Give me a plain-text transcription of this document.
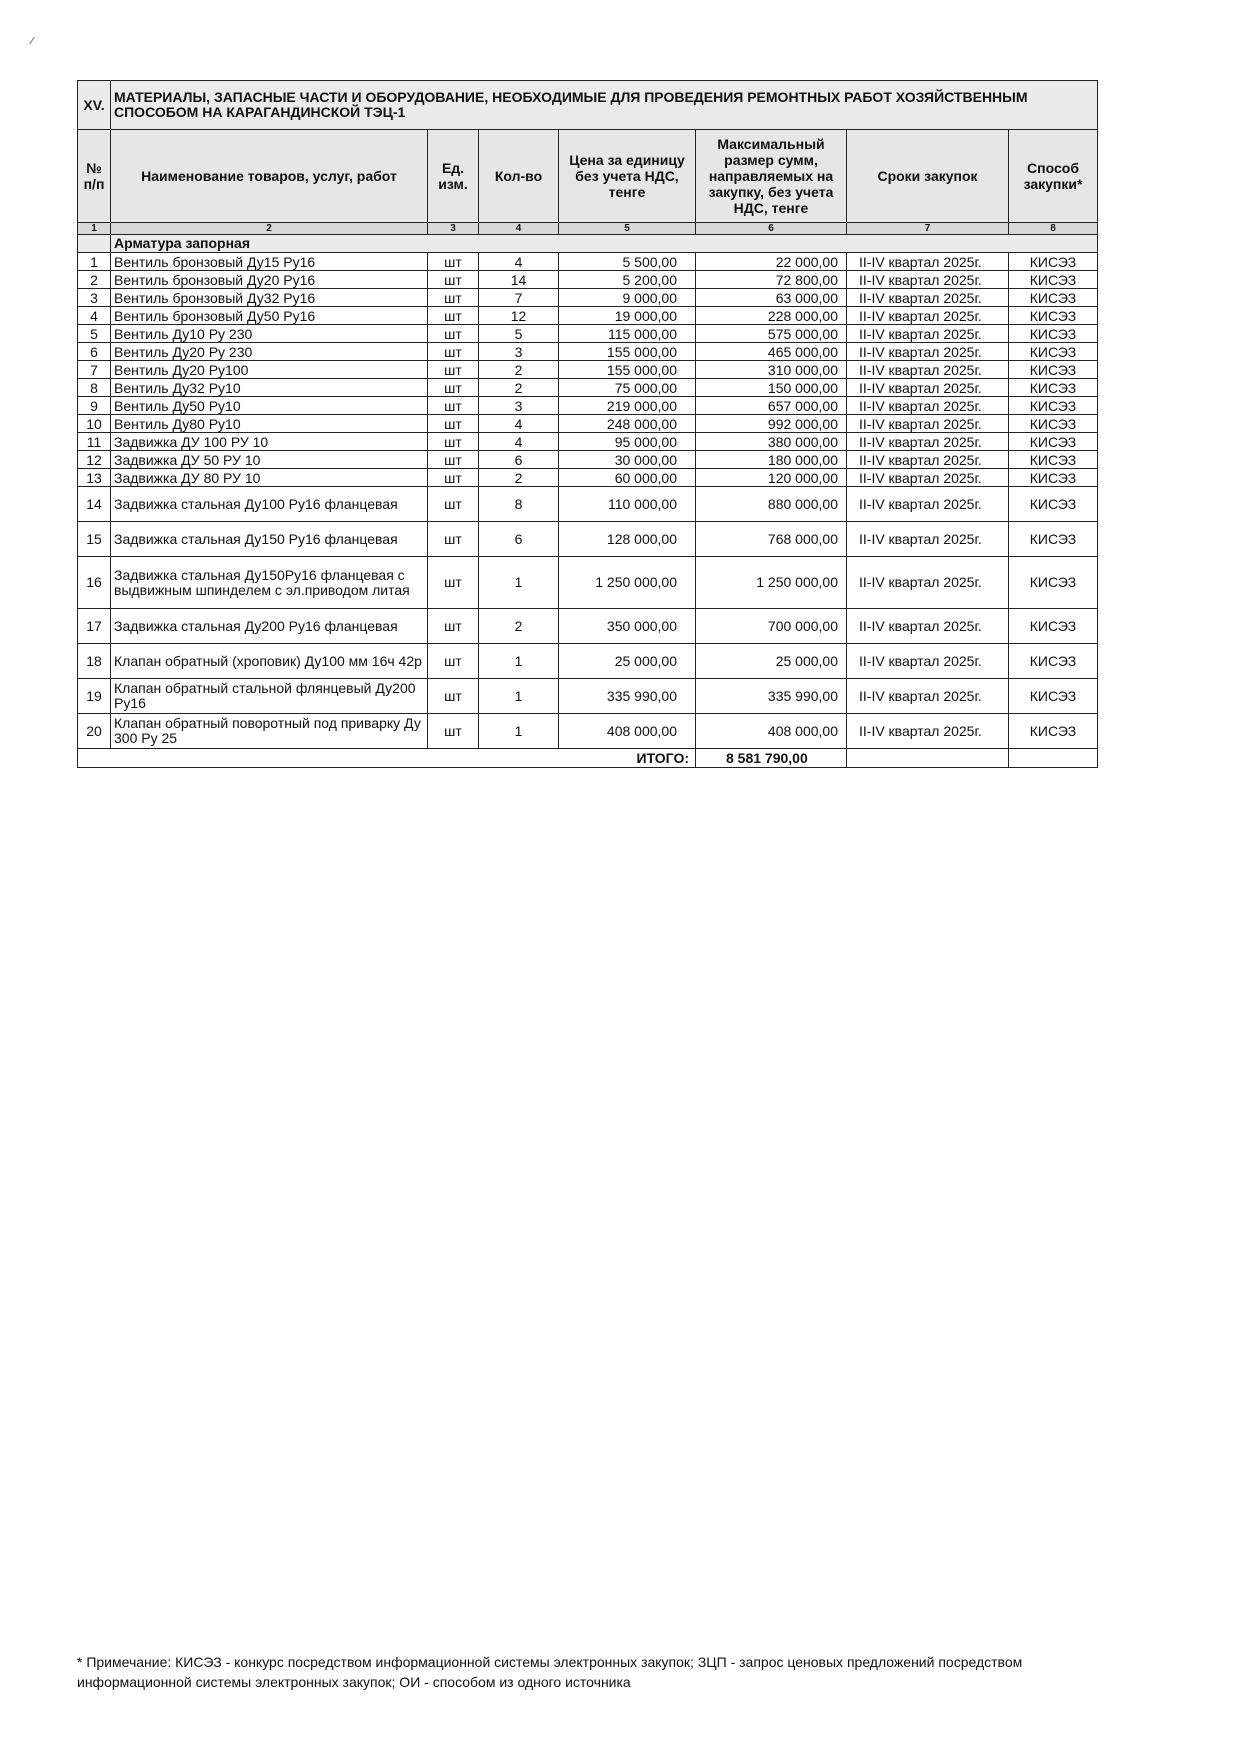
XV.	МАТЕРИАЛЫ, ЗАПАСНЫЕ ЧАСТИ И ОБОРУДОВАНИЕ, НЕОБХОДИМЫЕ ДЛЯ ПРОВЕДЕНИЯ РЕМОНТНЫХ РАБОТ ХОЗЯЙСТВЕННЫМ СПОСОБОМ НА КАРАГАНДИНСКОЙ ТЭЦ-1						
№ п/п	Наименование товаров, услуг, работ	Ед. изм.	Кол-во	Цена за единицу без учета НДС, тенге	Максимальный размер сумм, направляемых на закупку, без учета НДС, тенге	Сроки закупок	Способ закупки*
1	2	3	4	5	6	7	8
	Арматура запорная						
1	Вентиль бронзовый Ду15 Ру16	шт	4	5 500,00	22 000,00	II-IV квартал 2025г.	КИСЭЗ
2	Вентиль бронзовый Ду20 Ру16	шт	14	5 200,00	72 800,00	II-IV квартал 2025г.	КИСЭЗ
3	Вентиль бронзовый Ду32 Ру16	шт	7	9 000,00	63 000,00	II-IV квартал 2025г.	КИСЭЗ
4	Вентиль бронзовый Ду50 Ру16	шт	12	19 000,00	228 000,00	II-IV квартал 2025г.	КИСЭЗ
5	Вентиль Ду10 Ру 230	шт	5	115 000,00	575 000,00	II-IV квартал 2025г.	КИСЭЗ
6	Вентиль Ду20 Ру 230	шт	3	155 000,00	465 000,00	II-IV квартал 2025г.	КИСЭЗ
7	Вентиль Ду20 Ру100	шт	2	155 000,00	310 000,00	II-IV квартал 2025г.	КИСЭЗ
8	Вентиль Ду32 Ру10	шт	2	75 000,00	150 000,00	II-IV квартал 2025г.	КИСЭЗ
9	Вентиль Ду50 Ру10	шт	3	219 000,00	657 000,00	II-IV квартал 2025г.	КИСЭЗ
10	Вентиль Ду80 Ру10	шт	4	248 000,00	992 000,00	II-IV квартал 2025г.	КИСЭЗ
11	Задвижка ДУ 100 РУ 10	шт	4	95 000,00	380 000,00	II-IV квартал 2025г.	КИСЭЗ
12	Задвижка ДУ 50 РУ 10	шт	6	30 000,00	180 000,00	II-IV квартал 2025г.	КИСЭЗ
13	Задвижка ДУ 80 РУ 10	шт	2	60 000,00	120 000,00	II-IV квартал 2025г.	КИСЭЗ
14	Задвижка стальная Ду100 Ру16 фланцевая	шт	8	110 000,00	880 000,00	II-IV квартал 2025г.	КИСЭЗ
15	Задвижка стальная Ду150 Ру16 фланцевая	шт	6	128 000,00	768 000,00	II-IV квартал 2025г.	КИСЭЗ
16	Задвижка стальная Ду150Ру16 фланцевая с выдвижным шпинделем с эл.приводом литая	шт	1	1 250 000,00	1 250 000,00	II-IV квартал 2025г.	КИСЭЗ
17	Задвижка стальная Ду200 Ру16 фланцевая	шт	2	350 000,00	700 000,00	II-IV квартал 2025г.	КИСЭЗ
18	Клапан обратный (хроповик) Ду100 мм 16ч 42р	шт	1	25 000,00	25 000,00	II-IV квартал 2025г.	КИСЭЗ
19	Клапан обратный стальной флянцевый Ду200 Ру16	шт	1	335 990,00	335 990,00	II-IV квартал 2025г.	КИСЭЗ
20	Клапан обратный поворотный под приварку Ду 300 Ру 25	шт	1	408 000,00	408 000,00	II-IV квартал 2025г.	КИСЭЗ
	ИТОГО:				8 581 790,00		
* Примечание: КИСЭЗ - конкурс посредством информационной системы электронных закупок; ЗЦП - запрос ценовых предложений посредством информационной системы электронных закупок; ОИ - способом из одного источника
